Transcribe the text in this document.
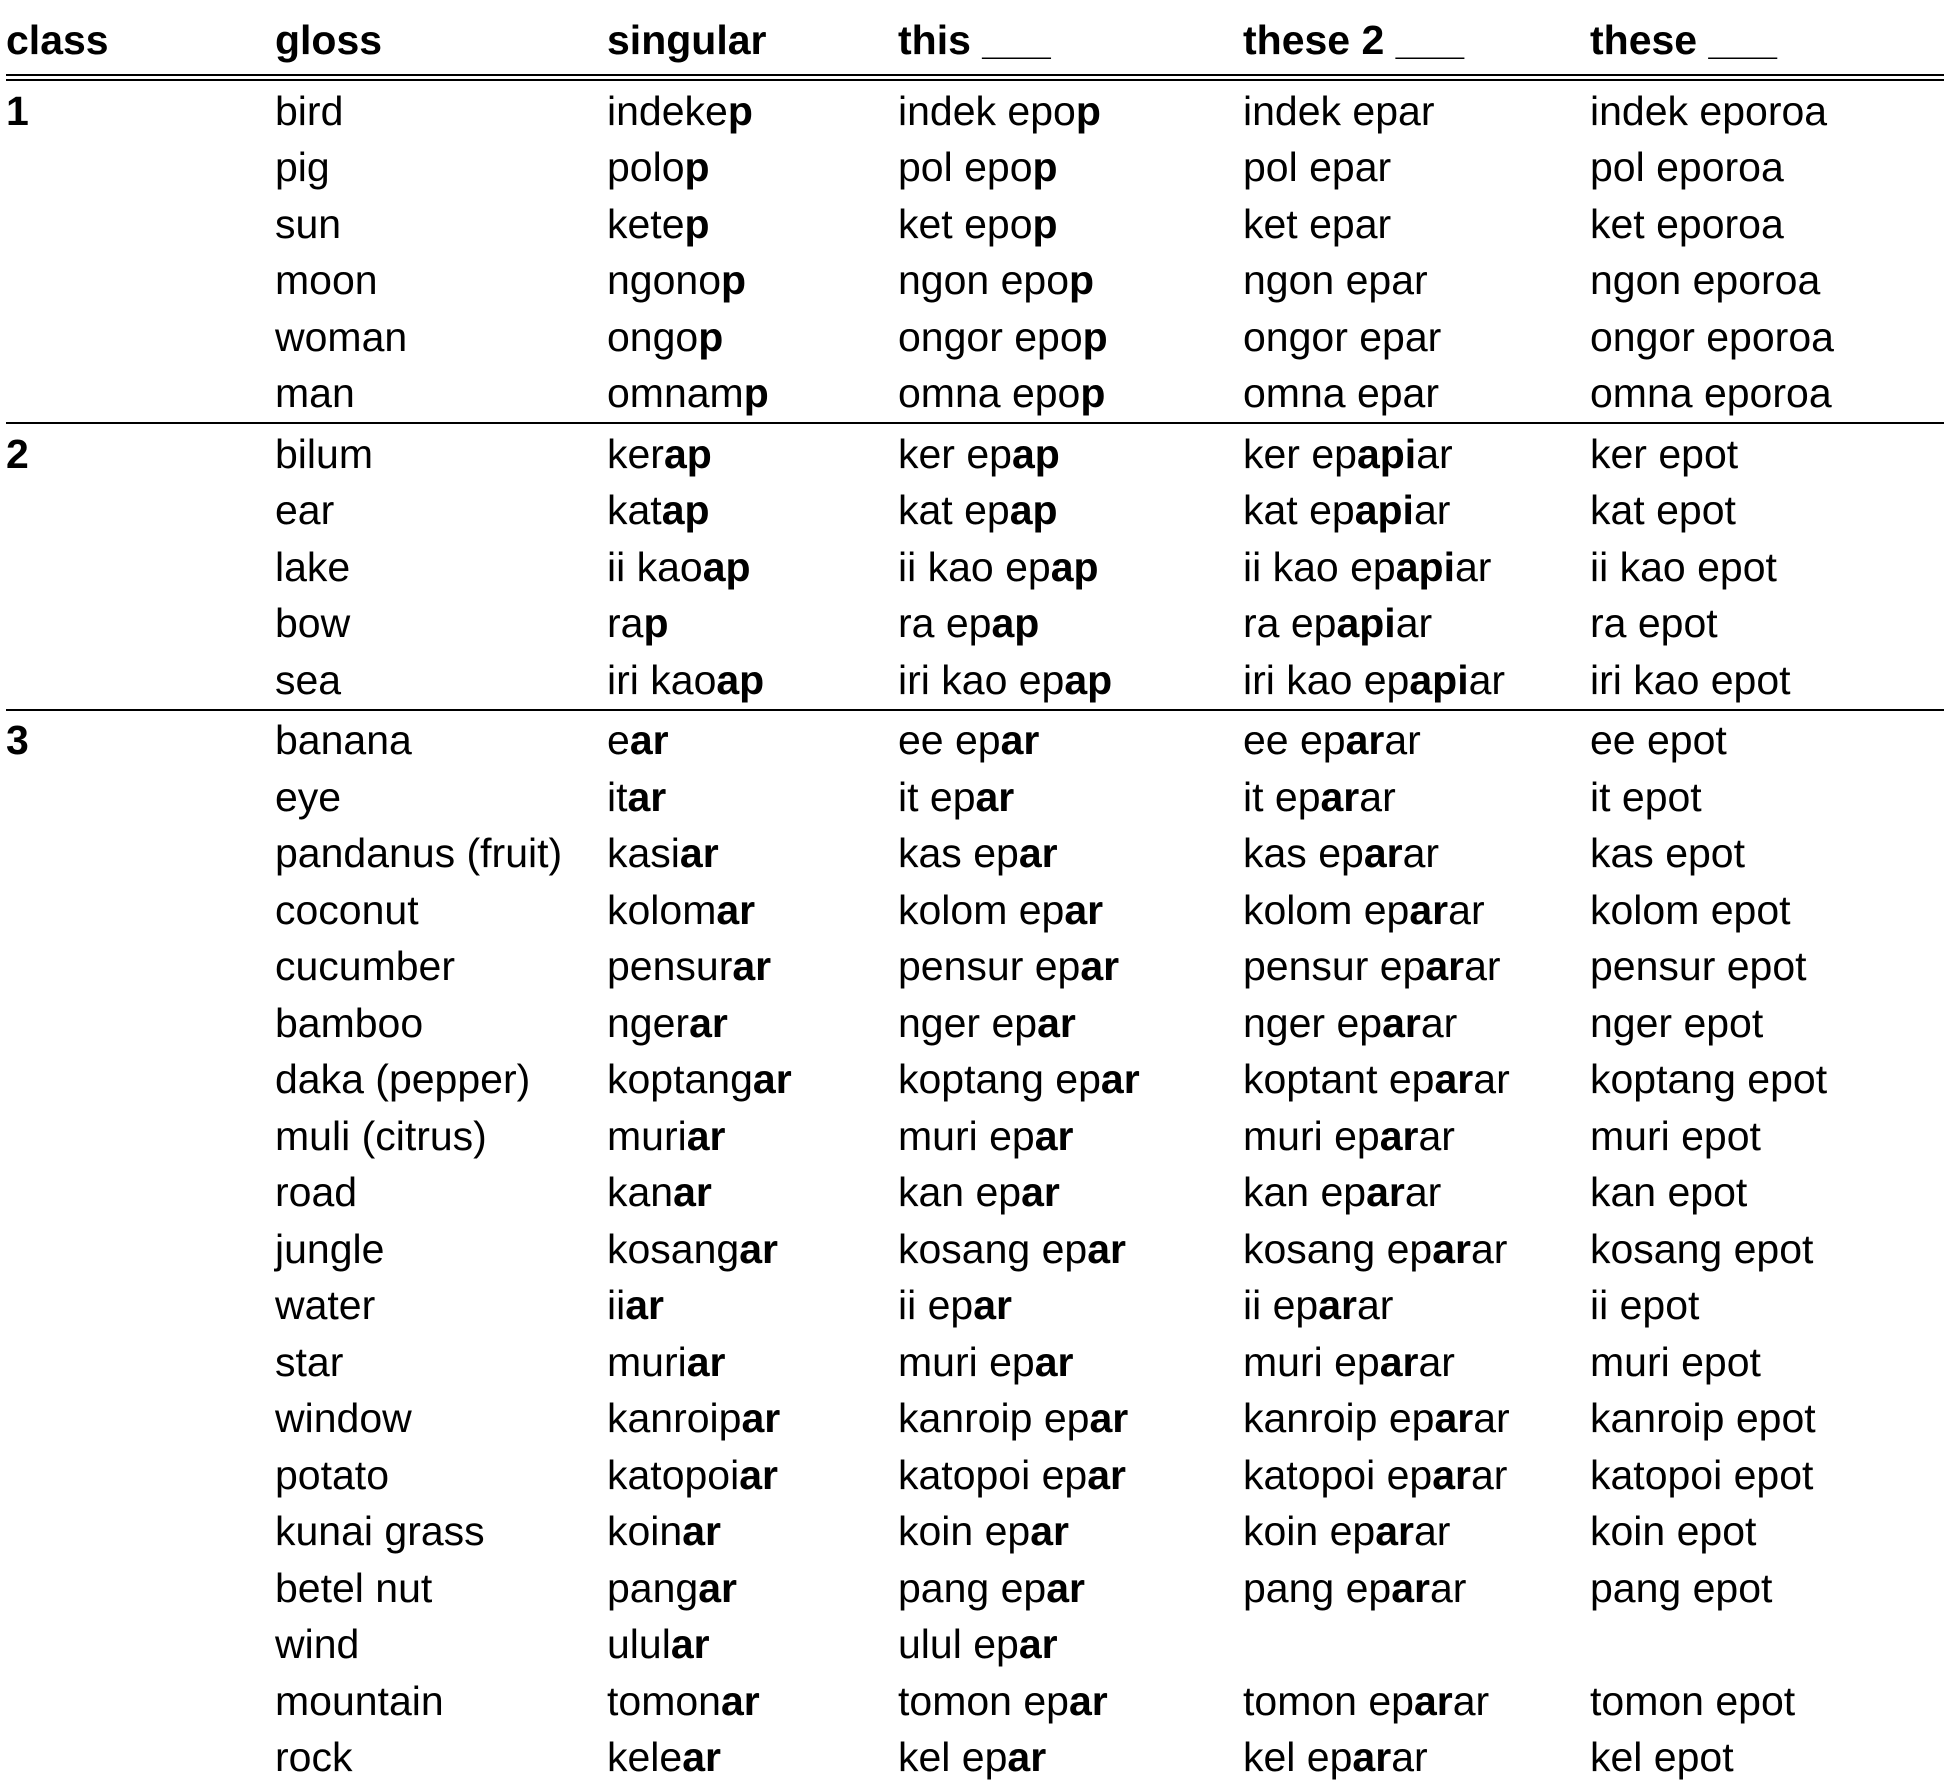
class	gloss	singular	this ___	these 2 ___	these ___
1	bird	indekep	indek epop	indek epar	indek eporoa
	pig	polop	pol epop	pol epar	pol eporoa
	sun	ketep	ket epop	ket epar	ket eporoa
	moon	ngonop	ngon epop	ngon epar	ngon eporoa
	woman	ongop	ongor epop	ongor epar	ongor eporoa
	man	omnamp	omna epop	omna epar	omna eporoa
2	bilum	kerap	ker epap	ker epapiar	ker epot
	ear	katap	kat epap	kat epapiar	kat epot
	lake	ii kaoap	ii kao epap	ii kao epapiar	ii kao epot
	bow	rap	ra epap	ra epapiar	ra epot
	sea	iri kaoap	iri kao epap	iri kao epapiar	iri kao epot
3	banana	ear	ee epar	ee eparar	ee epot
	eye	itar	it epar	it eparar	it epot
	pandanus (fruit)	kasiar	kas epar	kas eparar	kas epot
	coconut	kolomar	kolom epar	kolom eparar	kolom epot
	cucumber	pensurar	pensur epar	pensur eparar	pensur epot
	bamboo	ngerar	nger epar	nger eparar	nger epot
	daka (pepper)	koptangar	koptang epar	koptant eparar	koptang epot
	muli (citrus)	muriar	muri epar	muri eparar	muri epot
	road	kanar	kan epar	kan eparar	kan epot
	jungle	kosangar	kosang epar	kosang eparar	kosang epot
	water	iiar	ii epar	ii eparar	ii epot
	star	muriar	muri epar	muri eparar	muri epot
	window	kanroipar	kanroip epar	kanroip eparar	kanroip epot
	potato	katopoiar	katopoi epar	katopoi eparar	katopoi epot
	kunai grass	koinar	koin epar	koin eparar	koin epot
	betel nut	pangar	pang epar	pang eparar	pang epot
	wind	ulular	ulul epar		
	mountain	tomonar	tomon epar	tomon eparar	tomon epot
	rock	kelear	kel epar	kel eparar	kel epot
